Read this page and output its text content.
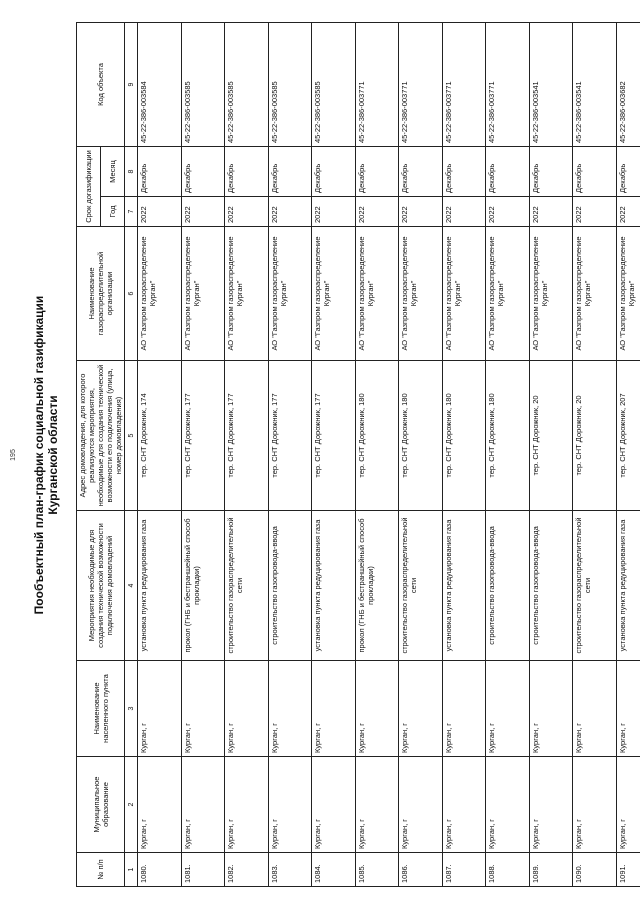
195 Пообъектный план-график социальной газификации Курганской области
№ п/п	Муниципальное образование	Наименование населенного пункта	Мероприятия необходимые для создания технической возможности подключения домовладений	Адрес домовладения, для которого реализуются мероприятия, необходимые для создания технической возможности его подключения (улица, номер домовладения)	Наименование газораспределительной организации	Срок догазификации		Код объекта
						Год	Месяц	
1	2	3	4	5	6	7	8	9
1080.	Курган, г	Курган, г	установка пункта редуцирования газа	тер. СНТ Дорожник, 174	АО "Газпром газораспределение Курган"	2022	Декабрь	45-22-386-003584
1081.	Курган, г	Курган, г	прокол (ГНБ и бестраншейный способ прокладки)	тер. СНТ Дорожник, 177	АО "Газпром газораспределение Курган"	2022	Декабрь	45-22-386-003585
1082.	Курган, г	Курган, г	строительство газораспределительной сети	тер. СНТ Дорожник, 177	АО "Газпром газораспределение Курган"	2022	Декабрь	45-22-386-003585
1083.	Курган, г	Курган, г	строительство газопровода-ввода	тер. СНТ Дорожник, 177	АО "Газпром газораспределение Курган"	2022	Декабрь	45-22-386-003585
1084.	Курган, г	Курган, г	установка пункта редуцирования газа	тер. СНТ Дорожник, 177	АО "Газпром газораспределение Курган"	2022	Декабрь	45-22-386-003585
1085.	Курган, г	Курган, г	прокол (ГНБ и бестраншейный способ прокладки)	тер. СНТ Дорожник, 180	АО "Газпром газораспределение Курган"	2022	Декабрь	45-22-386-003771
1086.	Курган, г	Курган, г	строительство газораспределительной сети	тер. СНТ Дорожник, 180	АО "Газпром газораспределение Курган"	2022	Декабрь	45-22-386-003771
1087.	Курган, г	Курган, г	установка пункта редуцирования газа	тер. СНТ Дорожник, 180	АО "Газпром газораспределение Курган"	2022	Декабрь	45-22-386-003771
1088.	Курган, г	Курган, г	строительство газопровода-ввода	тер. СНТ Дорожник, 180	АО "Газпром газораспределение Курган"	2022	Декабрь	45-22-386-003771
1089.	Курган, г	Курган, г	строительство газопровода-ввода	тер. СНТ Дорожник, 20	АО "Газпром газораспределение Курган"	2022	Декабрь	45-22-386-003541
1090.	Курган, г	Курган, г	строительство газораспределительной сети	тер. СНТ Дорожник, 20	АО "Газпром газораспределение Курган"	2022	Декабрь	45-22-386-003541
1091.	Курган, г	Курган, г	установка пункта редуцирования газа	тер. СНТ Дорожник, 207	АО "Газпром газораспределение Курган"	2022	Декабрь	45-22-386-003682
